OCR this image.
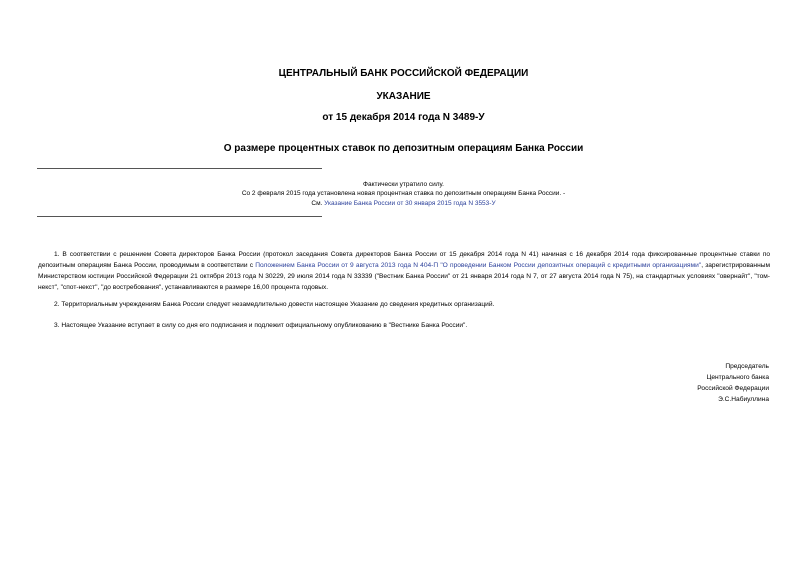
ЦЕНТРАЛЬНЫЙ БАНК РОССИЙСКОЙ ФЕДЕРАЦИИ
УКАЗАНИЕ
от 15 декабря 2014 года N 3489-У
О размере процентных ставок по депозитным операциям Банка России
Фактически утратило силу.
Со 2 февраля 2015 года установлена новая процентная ставка по депозитным операциям Банка России. -
См. Указание Банка России от 30 января 2015 года N 3553-У
1. В соответствии с решением Совета директоров Банка России (протокол заседания Совета директоров Банка России от 15 декабря 2014 года N 41) начиная с 16 декабря 2014 года фиксированные процентные ставки по депозитным операциям Банка России, проводимым в соответствии с Положением Банка России от 9 августа 2013 года N 404-П "О проведении Банком России депозитных операций с кредитными организациями", зарегистрированным Министерством юстиции Российской Федерации 21 октября 2013 года N 30229, 29 июля 2014 года N 33339 ("Вестник Банка России" от 21 января 2014 года N 7, от 27 августа 2014 года N 75), на стандартных условиях "овернайт", "том-некст", "спот-некст", "до востребования", устанавливаются в размере 16,00 процента годовых.
2. Территориальным учреждениям Банка России следует незамедлительно довести настоящее Указание до сведения кредитных организаций.
3. Настоящее Указание вступает в силу со дня его подписания и подлежит официальному опубликованию в "Вестнике Банка России".
Председатель
Центрального банка
Российской Федерации
Э.С.Набиуллина
